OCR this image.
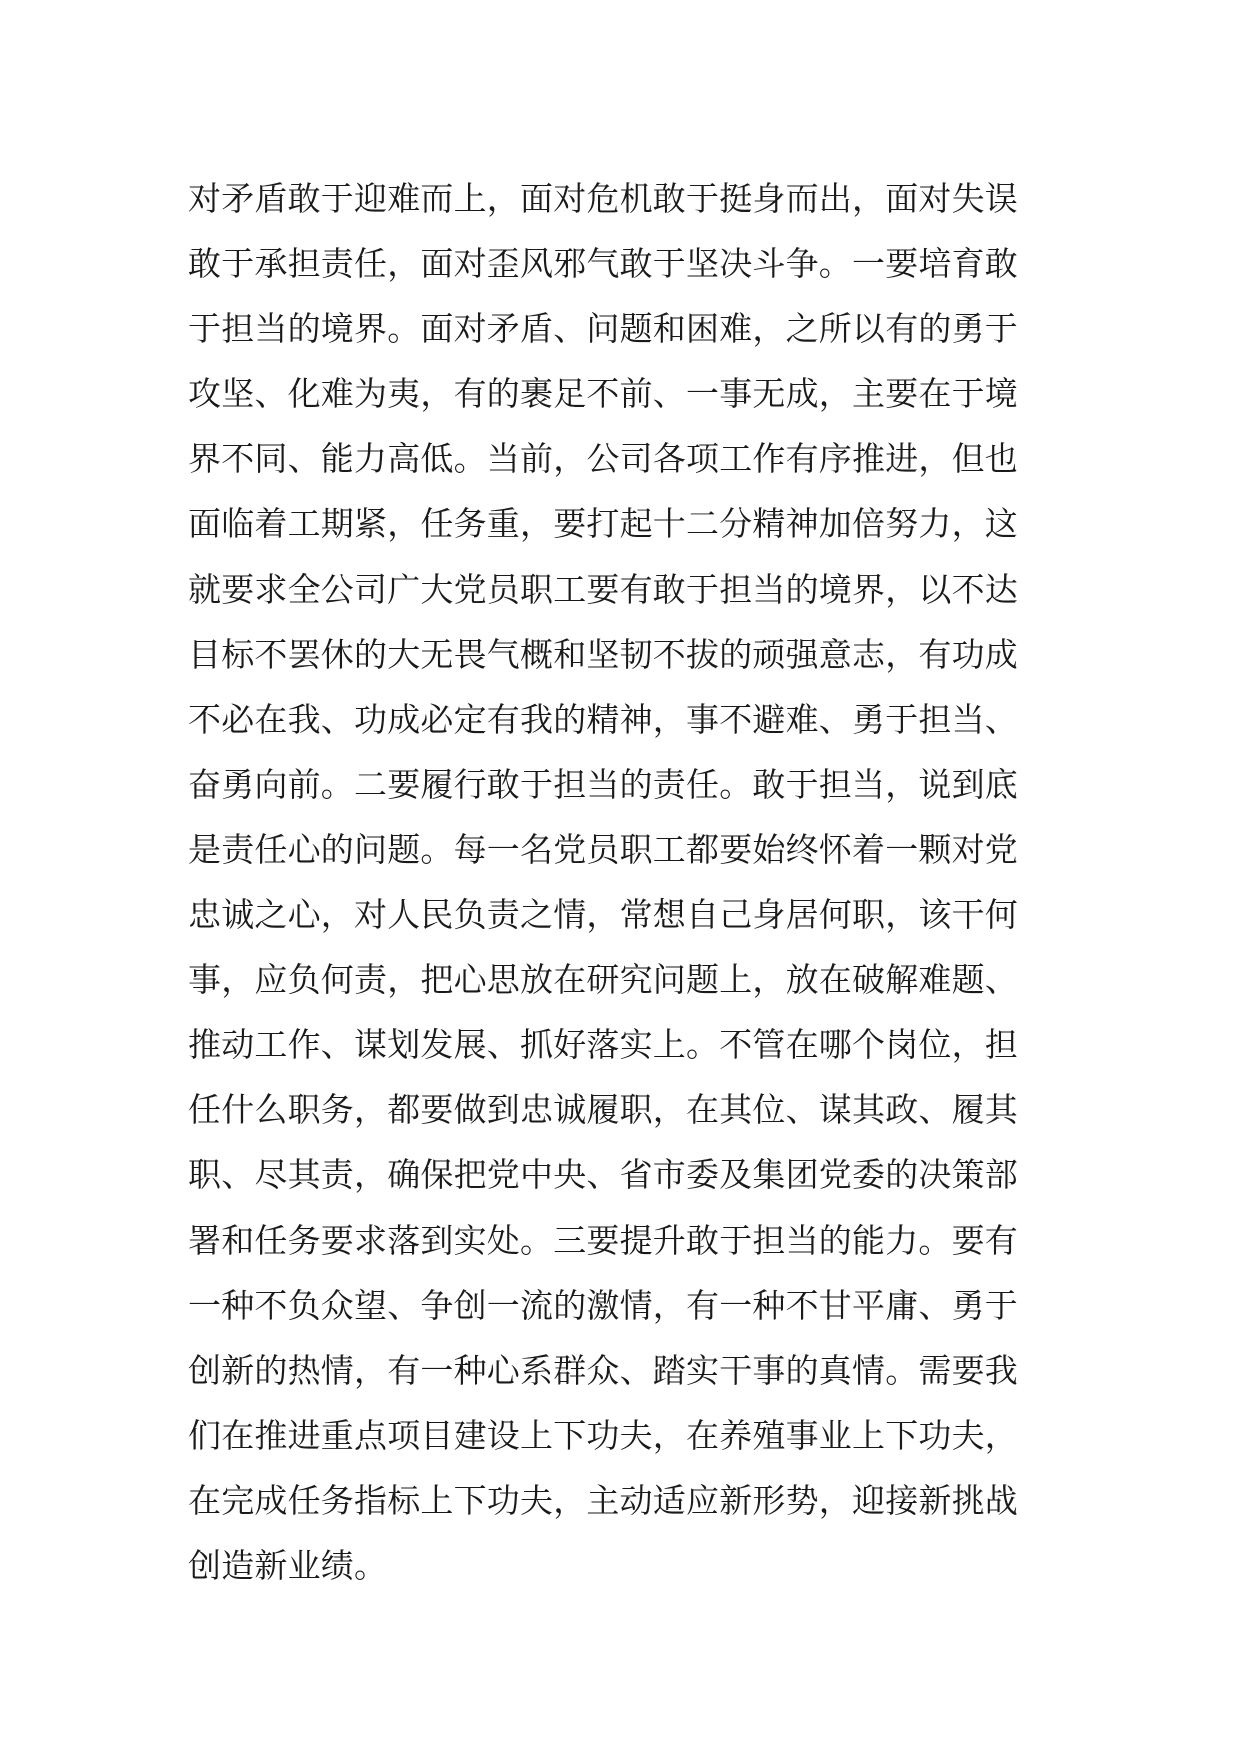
对矛盾敢于迎难而上，面对危机敢于挺身而出，面对失误
敢于承担责任，面对歪风邪气敢于坚决斗争。一要培育敢
于担当的境界。面对矛盾、问题和困难，之所以有的勇于
攻坚、化难为夷，有的裹足不前、一事无成，主要在于境
界不同、能力高低。当前，公司各项工作有序推进，但也
面临着工期紧，任务重，要打起十二分精神加倍努力，这
就要求全公司广大党员职工要有敢于担当的境界，以不达
目标不罢休的大无畏气概和坚韧不拔的顽强意志，有功成
不必在我、功成必定有我的精神，事不避难、勇于担当、
奋勇向前。二要履行敢于担当的责任。敢于担当，说到底
是责任心的问题。每一名党员职工都要始终怀着一颗对党
忠诚之心，对人民负责之情，常想自己身居何职，该干何
事，应负何责，把心思放在研究问题上，放在破解难题、
推动工作、谋划发展、抓好落实上。不管在哪个岗位，担
任什么职务，都要做到忠诚履职，在其位、谋其政、履其
职、尽其责，确保把党中央、省市委及集团党委的决策部
署和任务要求落到实处。三要提升敢于担当的能力。要有
一种不负众望、争创一流的激情，有一种不甘平庸、勇于
创新的热情，有一种心系群众、踏实干事的真情。需要我
们在推进重点项目建设上下功夫，在养殖事业上下功夫，
在完成任务指标上下功夫，主动适应新形势，迎接新挑战
创造新业绩。
